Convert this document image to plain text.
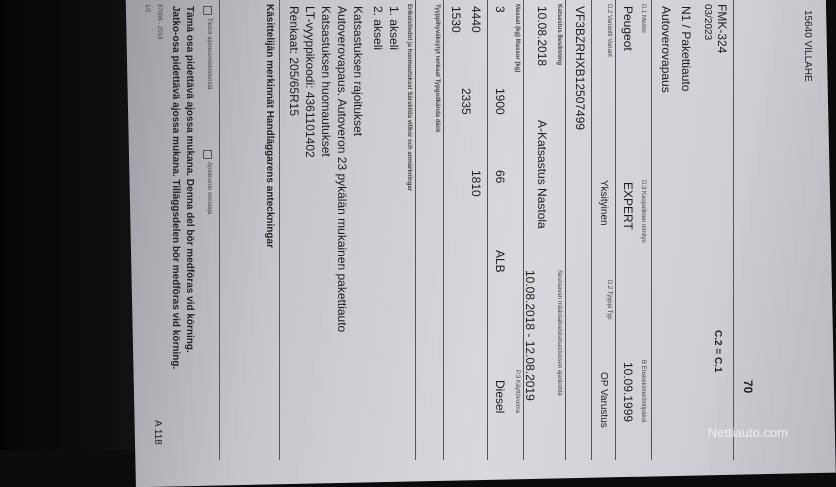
15640 VILLAHE
70
FMK-324
03/2023
N1 / Pakettiauto
C.2 = C.1
Autoverovapaus
D.1 Merkki
Peugeot
D.3 Kaupallinen nimitys
EXPERT
B Ensirekisteröintipäivä
10.09.1999
D.2 Variantti Variant
Yksityinen
D.2 Tyyppi Typ
OP Varustus
VF3BZRHXB12507499
Katsastus Besiktning
10.08.2018
A-Katsastus Nastola
Seuraavan määräaikaiskatsastuksen ajankohta
10.08.2018 - 12.08.2019
Massat (kg) Massor (kg)
3
1900
66
ALB
P.3 Käyttövoima
Diesel
4440
1530
2335
1810
Tyyppihyväksytyt renkaat Typgodkända däck
Erikoistiedot ja huomautukset Särskilda villkor och anmärkningar
1. akseli
2. akseli
Katsastuksen rajoitukset
Autoverovapaus. Autoveron 23 pykälän mukainen pakettiauto
Katsastuksen huomautukset
LT-vyyppikoodi: 4361101402
Renkaat: 205/65R15
Käsittelijän merkinnät Handläggarens anteckningar
Tiedot ajoneuvorekisteristä
Ajoneuvon omistaja
Tämä osa pidettävä ajossa mukana. Denna del bör medföras vid körning.
Jatko-osa pidettävä ajossa mukana. Tilläggsdelen bör medföras vid körning.
87008 - 2018
1/2
A 118	Nettiauto.com
